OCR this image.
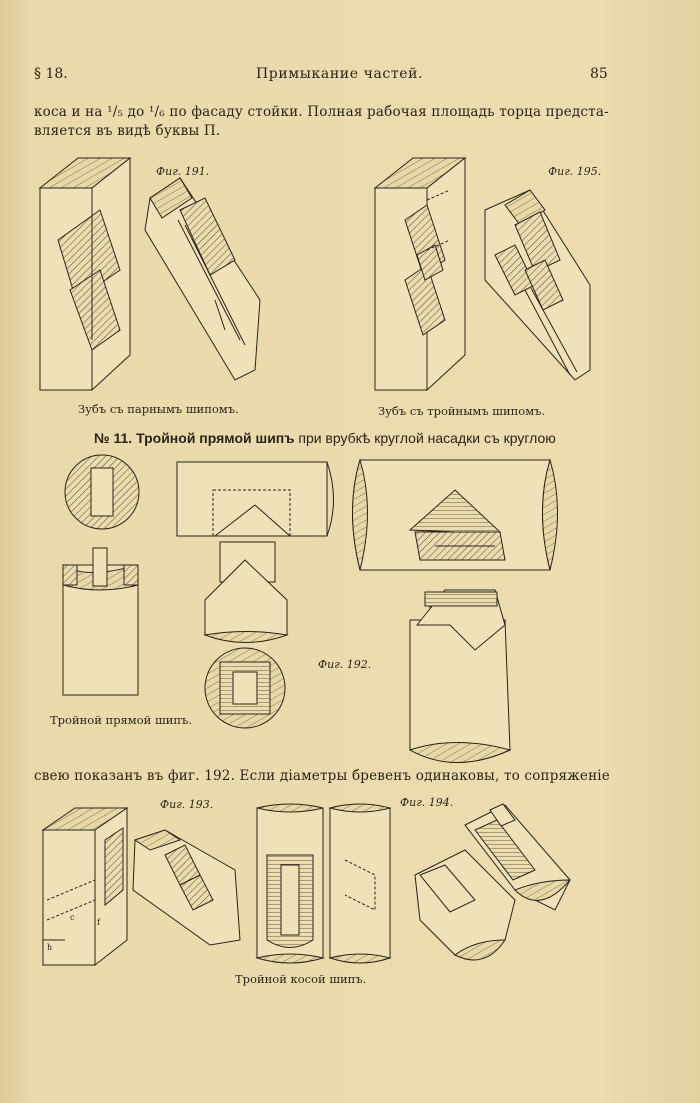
§ 18.	Примыкание частей.	85
коса и на ¹/₅ до ¹/₆ по фасаду стойки. Полная рабочая площадь торца предста-
вляется въ видѣ буквы П.
Фиг. 191.	Фиг. 195.
Зубъ съ парнымъ шипомъ.	Зубъ съ тройнымъ шипомъ.
№ 11. Тройной прямой шипъ при врубкѣ круглой насадки съ круглою
Фиг. 192.
Тройной прямой шипъ.
свею показанъ въ фиг. 192. Если діаметры бревенъ одинаковы, то сопряженіе
Фиг. 193.	Фиг. 194.
h
c
f
Тройной косой шипъ.
